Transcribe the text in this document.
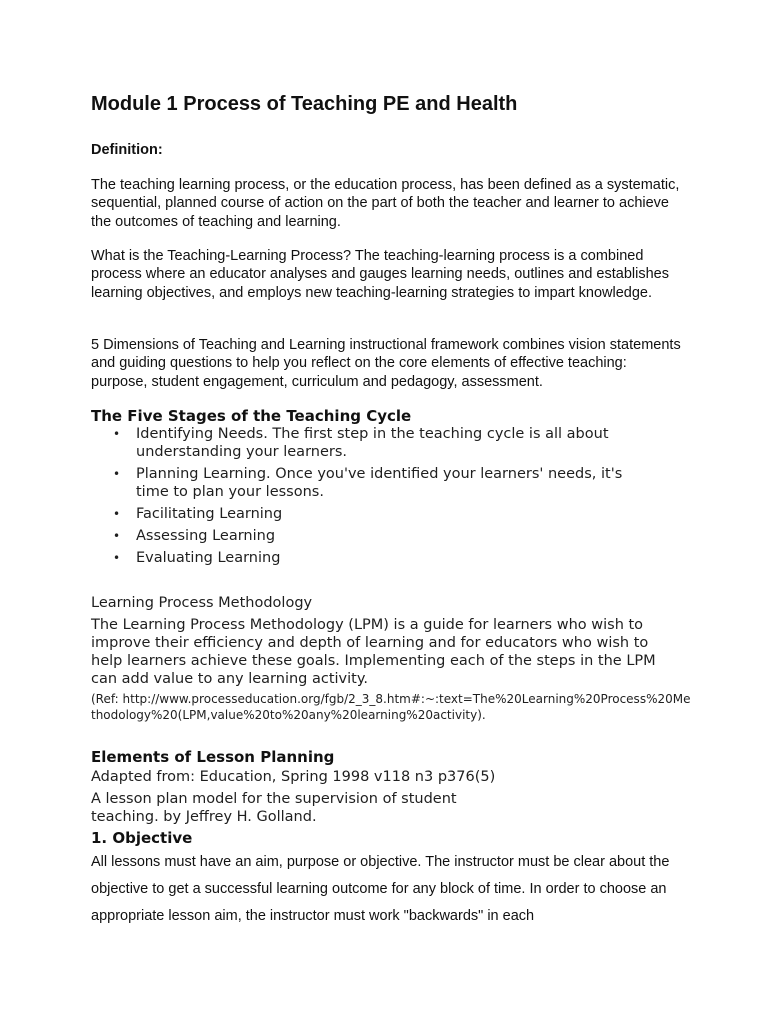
Module 1 Process of Teaching PE and Health
Definition:
The teaching learning process, or the education process, has been defined as a systematic, sequential, planned course of action on the part of both the teacher and learner to achieve the outcomes of teaching and learning.
What is the Teaching-Learning Process? The teaching-learning process is a combined process where an educator analyses and gauges learning needs, outlines and establishes learning objectives, and employs new teaching-learning strategies to impart knowledge.
5 Dimensions of Teaching and Learning instructional framework combines vision statements and guiding questions to help you reflect on the core elements of effective teaching: purpose, student engagement, curriculum and pedagogy, assessment.
The Five Stages of the Teaching Cycle
• Identifying Needs. The first step in the teaching cycle is all about understanding your learners.
• Planning Learning. Once you've identified your learners' needs, it's time to plan your lessons.
• Facilitating Learning
• Assessing Learning
• Evaluating Learning
Learning Process Methodology
The Learning Process Methodology (LPM) is a guide for learners who wish to improve their efficiency and depth of learning and for educators who wish to help learners achieve these goals. Implementing each of the steps in the LPM can add value to any learning activity.
(Ref: http://www.processeducation.org/fgb/2_3_8.htm#:~:text=The%20Learning%20Process%20Methodology%20(LPM,value%20to%20any%20learning%20activity).
Elements of Lesson Planning
Adapted from: Education, Spring 1998 v118 n3 p376(5)
A lesson plan model for the supervision of student
teaching. by Jeffrey H. Golland.
1. Objective
All lessons must have an aim, purpose or objective. The instructor must be clear about the objective to get a successful learning outcome for any block of time. In order to choose an appropriate lesson aim, the instructor must work "backwards" in each
